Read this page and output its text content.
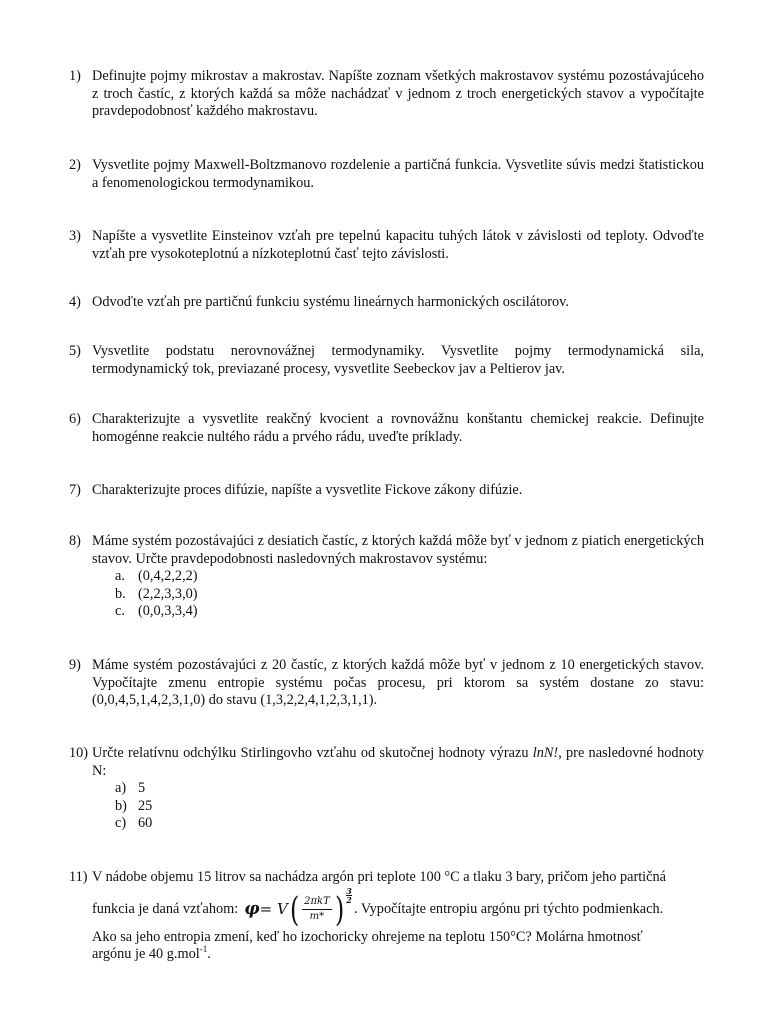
1) Definujte pojmy mikrostav a makrostav. Napíšte zoznam všetkých makrostavov systému pozostávajúceho z troch častíc, z ktorých každá sa môže nachádzať v jednom z troch energetických stavov a vypočítajte pravdepodobnosť každého makrostavu.
2) Vysvetlite pojmy Maxwell-Boltzmanovo rozdelenie a partičná funkcia. Vysvetlite súvis medzi štatistickou a fenomenologickou termodynamikou.
3) Napíšte a vysvetlite Einsteinov vzťah pre tepelnú kapacitu tuhých látok v závislosti od teploty. Odvoďte vzťah pre vysokoteplotnú a nízkoteplotnú časť tejto závislosti.
4) Odvoďte vzťah pre partičnú funkciu systému lineárnych harmonických oscilátorov.
5) Vysvetlite podstatu nerovnovážnej termodynamiky. Vysvetlite pojmy termodynamická sila, termodynamický tok, previazané procesy, vysvetlite Seebeckov jav a Peltierov jav.
6) Charakterizujte a vysvetlite reakčný kvocient a rovnovážnu konštantu chemickej reakcie. Definujte homogénne reakcie nultého rádu a prvého rádu, uveďte príklady.
7) Charakterizujte proces difúzie, napíšte a vysvetlite Fickove zákony difúzie.
8) Máme systém pozostávajúci z desiatich častíc, z ktorých každá môže byť v jednom z piatich energetických stavov. Určte pravdepodobnosti nasledovných makrostavov systému:
a. (0,4,2,2,2)
b. (2,2,3,3,0)
c. (0,0,3,3,4)
9) Máme systém pozostávajúci z 20 častíc, z ktorých každá môže byť v jednom z 10 energetických stavov. Vypočítajte zmenu entropie systému počas procesu, pri ktorom sa systém dostane zo stavu: (0,0,4,5,1,4,2,3,1,0) do stavu (1,3,2,2,4,1,2,3,1,1).
10) Určte relatívnu odchýlku Stirlingovho vzťahu od skutočnej hodnoty výrazu lnN!, pre nasledovné hodnoty N:
a) 5
b) 25
c) 60
11) V nádobe objemu 15 litrov sa nachádza argón pri teplote 100 °C a tlaku 3 bary, pričom jeho partičná
funkcia je daná vzťahom: φ = V ( $\frac{\text{2πkT}}{m*}$ ) 3
2
. Vypočítajte entropiu argónu pri týchto podmienkach.
Ako sa jeho entropia zmení, keď ho izochoricky ohrejeme na teplotu 150°C? Molárna hmotnosť
argónu je 40 g.mol$^{-1}$.
